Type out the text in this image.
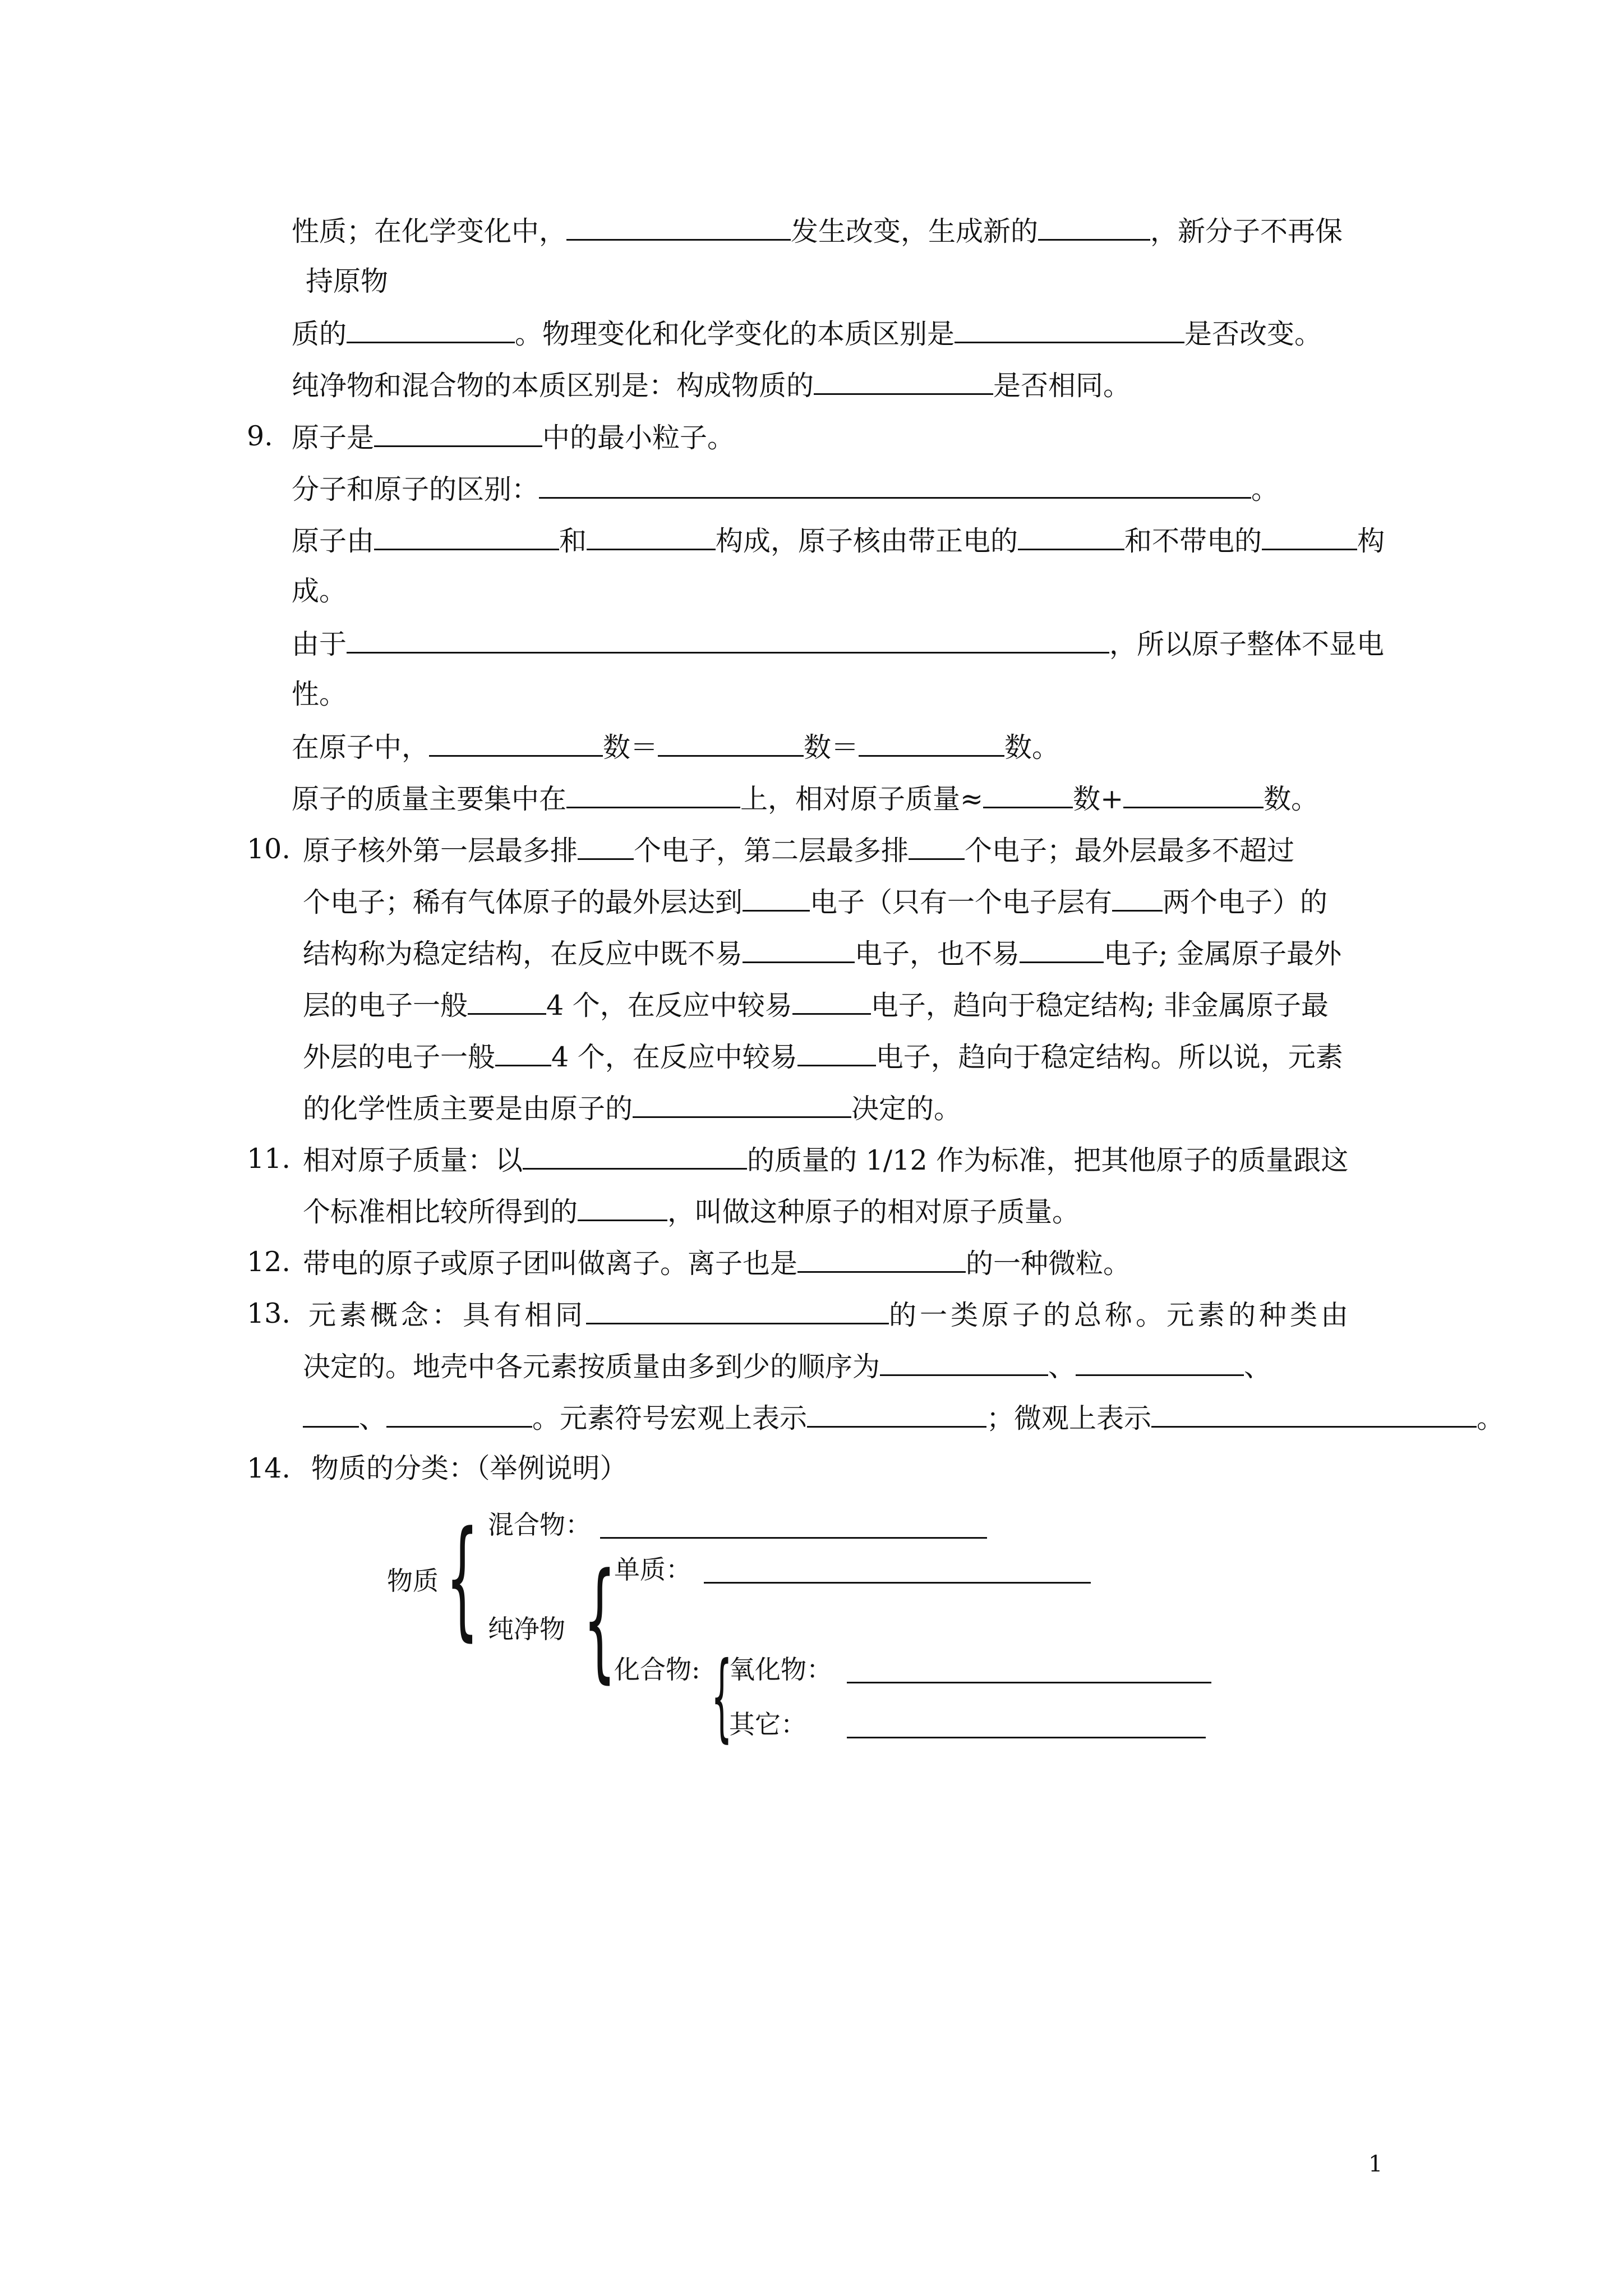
性质；在化学变化中，	发生改变，生成新的	，新分子不再保
持原物
质的	。物理变化和化学变化的本质区别是	是否改变。
纯净物和混合物的本质区别是：构成物质的	是否相同。
9. 原子是	中的最小粒子。
分子和原子的区别：	。
原子由	和	构成，原子核由带正电的	和不带电的	构
成。
由于	，所以原子整体不显电
性。
在原子中，	数＝	数＝	数。
原子的质量主要集中在	上，相对原子质量≈	数+	数。
10. 原子核外第一层最多排 个电子，第二层最多排 个电子；最外层最多不超过
个电子；稀有气体原子的最外层达到 电子（只有一个电子层有 两个电子）的
结构称为稳定结构，在反应中既不易	电子，也不易	电子; 金属原子最外
层的电子一般	4 个，在反应中较易	电子，趋向于稳定结构; 非金属原子最
外层的电子一般 4 个，在反应中较易	电子，趋向于稳定结构。所以说，元素
的化学性质主要是由原子的	决定的。
11. 相对原子质量：以	的质量的 1/12 作为标准，把其他原子的质量跟这
个标准相比较所得到的	，叫做这种原子的相对原子质量。
12. 带电的原子或原子团叫做离子。离子也是	的一种微粒。
13. 元素概念：具有相同	的一类原子的总称。元素的种类由
决定的。地壳中各元素按质量由多到少的顺序为	、	、
、	。元素符号宏观上表示	；微观上表示	。
14. 物质的分类：（举例说明）
物质 { 混合物：
纯净物 {
单质：
化合物: {
氧化物：
其它：
1
